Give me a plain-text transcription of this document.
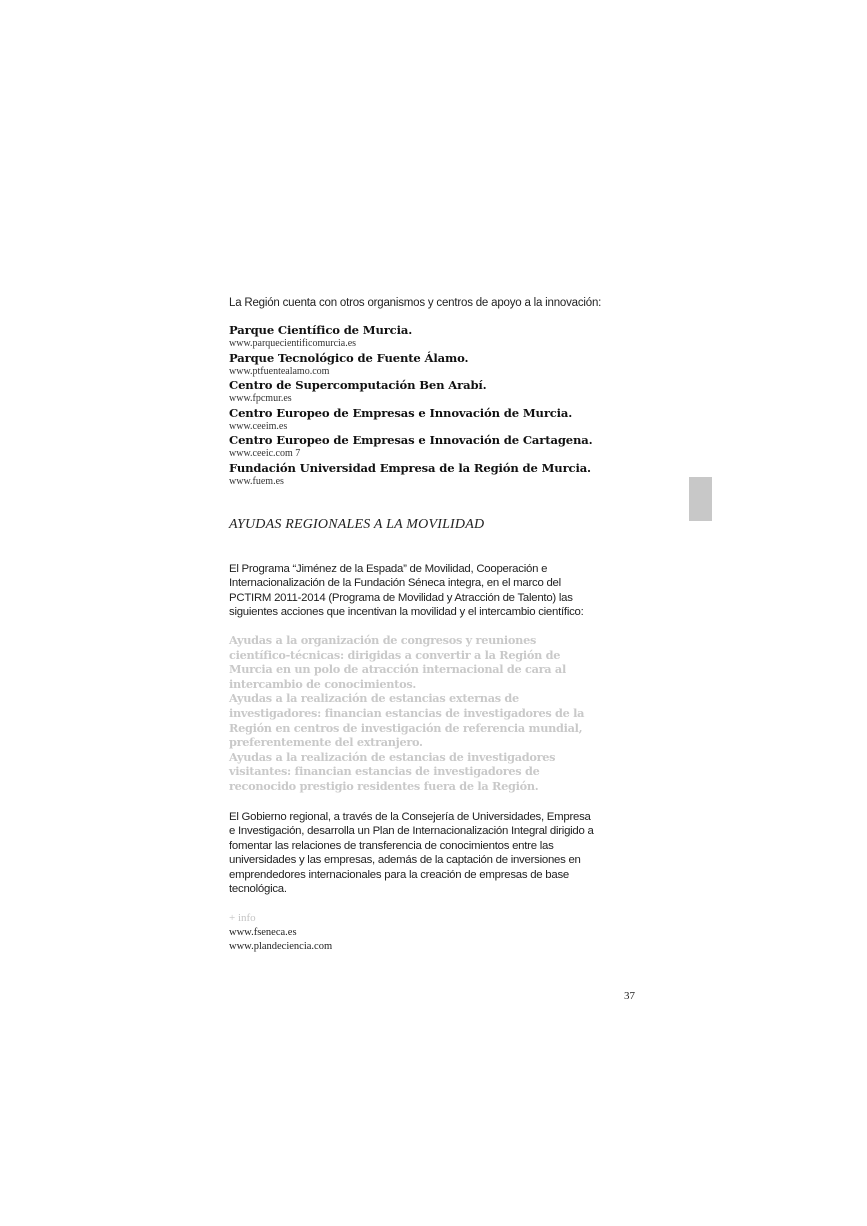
La Región cuenta con otros organismos y centros de apoyo a la innovación:
Parque Científico de Murcia.
www.parquecientificomurcia.es
Parque Tecnológico de Fuente Álamo.
www.ptfuentealamo.com
Centro de Supercomputación Ben Arabí.
www.fpcmur.es
Centro Europeo de Empresas e Innovación de Murcia.
www.ceeim.es
Centro Europeo de Empresas e Innovación de Cartagena.
www.ceeic.com 7
Fundación Universidad Empresa de la Región de Murcia.
www.fuem.es
AYUDAS REGIONALES A LA MOVILIDAD
El Programa “Jiménez de la Espada” de Movilidad, Cooperación e Internacionalización de la Fundación Séneca integra, en el marco del PCTIRM 2011-2014 (Programa de Movilidad y Atracción de Talento) las siguientes acciones que incentivan la movilidad y el intercambio científico:
Ayudas a la organización de congresos y reuniones científico-técnicas: dirigidas a convertir a la Región de Murcia en un polo de atracción internacional de cara al intercambio de conocimientos.
Ayudas a la realización de estancias externas de investigadores: financian estancias de investigadores de la Región en centros de investigación de referencia mundial, preferentemente del extranjero.
Ayudas a la realización de estancias de investigadores visitantes: financian estancias de investigadores de reconocido prestigio residentes fuera de la Región.
El Gobierno regional, a través de la Consejería de Universidades, Empresa e Investigación, desarrolla un Plan de Internacionalización Integral dirigido a fomentar las relaciones de transferencia de conocimientos entre las universidades y las empresas, además de la captación de inversiones en emprendedores internacionales para la creación de empresas de base tecnológica.
+ info
www.fseneca.es
www.plandeciencia.com
37
